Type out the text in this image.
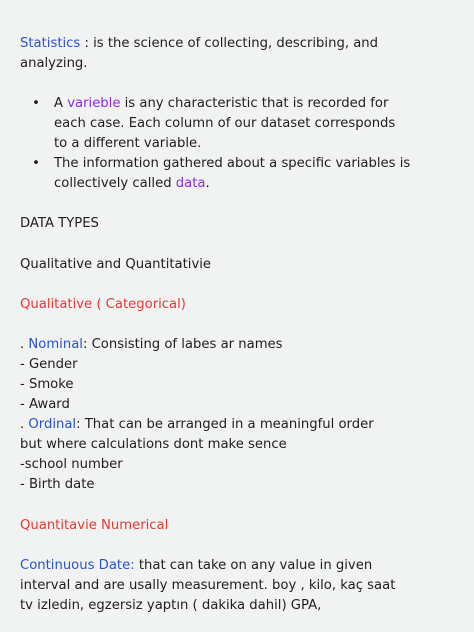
Statistics : is the science of collecting, describing, and
analyzing.
• A varieble is any characteristic that is recorded for
each case. Each column of our dataset corresponds
to a different variable.
• The information gathered about a specific variables is
collectively called data.
DATA TYPES
Qualitative and Quantitativie
Qualitative ( Categorical)
. Nominal: Consisting of labes ar names
- Gender
- Smoke
- Award
. Ordinal: That can be arranged in a meaningful order
but where calculations dont make sence
-school number
- Birth date
Quantitavie Numerical
Continuous Date: that can take on any value in given
interval and are usally measurement. boy , kilo, kaç saat
tv izledin, egzersiz yaptın ( dakika dahil) GPA,
